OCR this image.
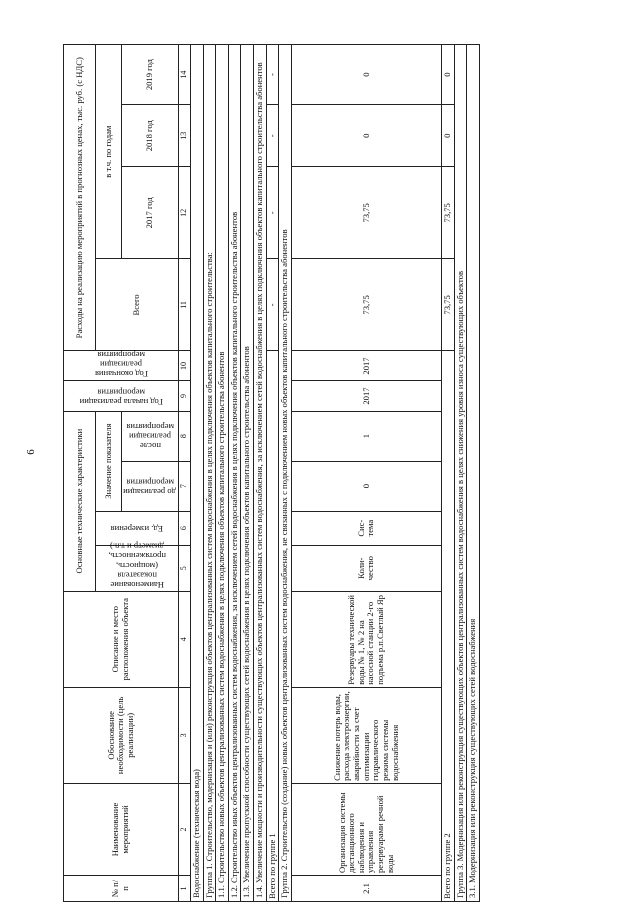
6
№ п/п	Наименование мероприятий	Обоснование необходимости (цель реализации)	Описание и место расположения объекта	Основные технические характеристики				Год начала реализации мероприятия	Год окончания реализации мероприятия	Расходы на реализацию мероприятий в прогнозных ценах, тыс. руб. (с НДС)			

				Наименование показателя (мощность, протяженность, диаметр и т.п.)	Ед. измерения	Значение показателя				Всего	в т.ч. по годам		

						до реализации мероприятия	после реализации мероприятия				2017 год	2018 год	2019 год
1	2	3	4	5	6	7	8	9	10	11	12	13	14
Водоснабжение (техническая вода)													
Группа 1. Строительство, модернизация и (или) реконструкция объектов централизованных систем водоснабжения в целях подключения объектов капитального строительства:													
1.1. Строительство новых объектов централизованных систем водоснабжения в целях подключения объектов капитального строительства абонентов													
1.2. Строительство иных объектов централизованных систем водоснабжения, за исключением сетей водоснабжения в целях подключения объектов капитального строительства абонентов													
1.3. Увеличение пропускной способности существующих сетей водоснабжения в целях подключения объектов капитального строительства абонентов													
1.4. Увеличение мощности и производительности существующих объектов централизованных систем водоснабжения, за исключением сетей водоснабжения в целях подключения объектов капитального строительства абонентов													
Всего по группе 1										-	-	-	-
Группа 2. Строительство (создание) новых объектов централизованных систем водоснабжения, не связанных с подключением новых объектов капитального строительства абонентов													
2.1	Организация системы дистанционного наблюдения и управления резервуарами речной воды	Снижение потерь воды, расхода электроэнергии, аварийности за счет оптимизации гидравлического режима системы водоснабжения	Резервуары технической воды № 1, № 2 на насосной станции 2-го подъема р.п.Светлый Яр	Коли-чество	Сис-тема	0	1	2017	2017	73,75	73,75	0	0
Всего по группе 2										73,75	73,75	0	0
Группа 3. Модернизация или реконструкция существующих объектов централизованных систем водоснабжения в целях снижения уровня износа существующих объектов													
3.1. Модернизация или реконструкция существующих сетей водоснабжения													
